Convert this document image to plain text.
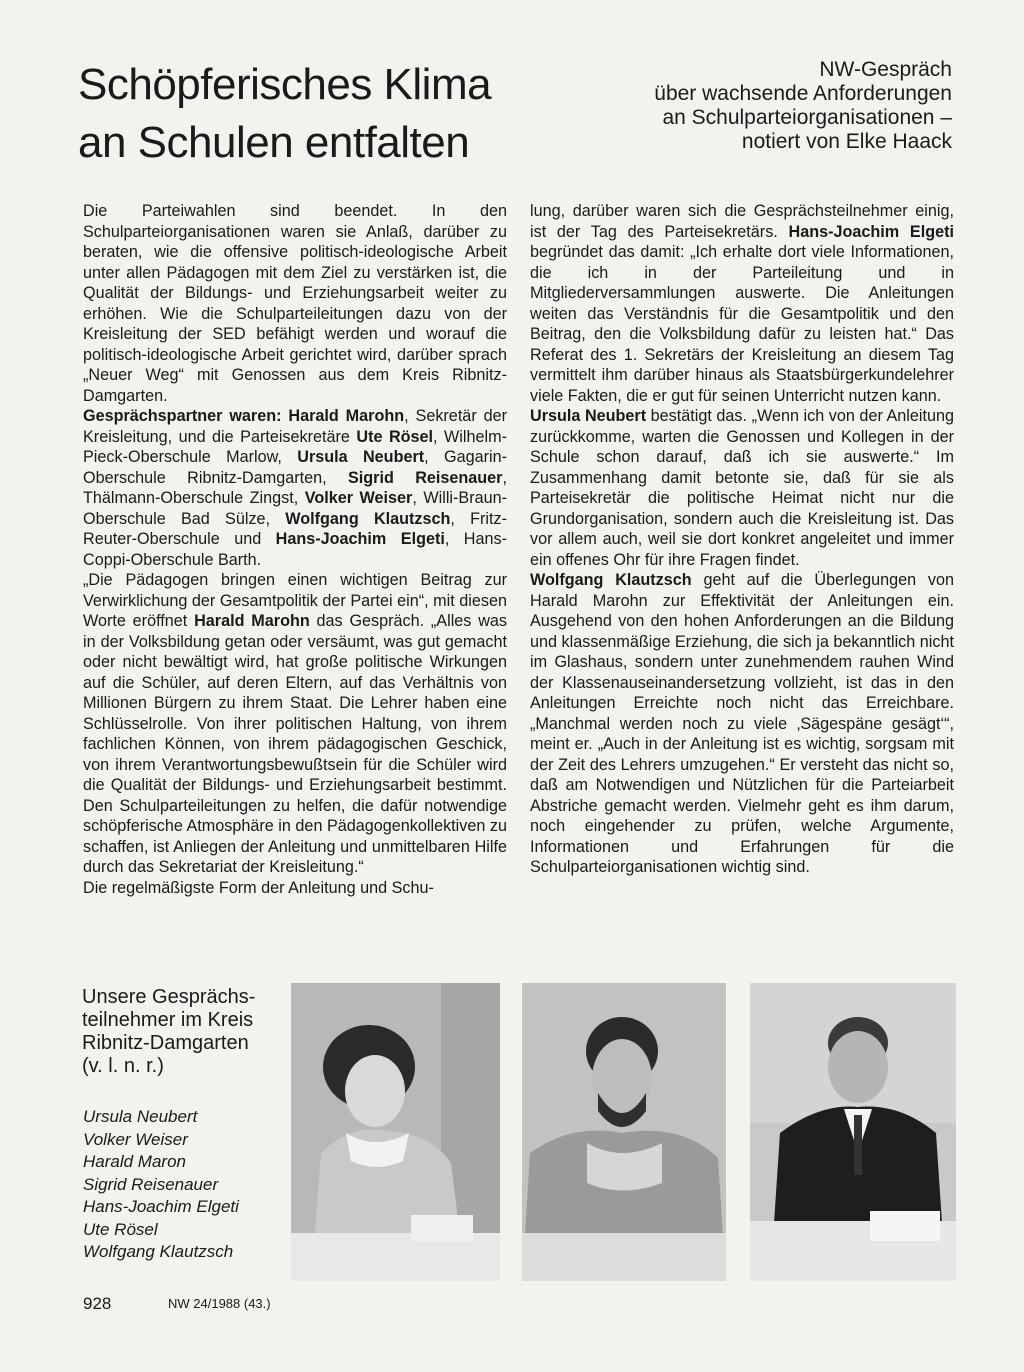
Schöpferisches Klima
an Schulen entfalten
NW-Gespräch
über wachsende Anforderungen
an Schulparteiorganisationen –
notiert von Elke Haack

Die Parteiwahlen sind beendet. In den Schulparteiorganisationen waren sie Anlaß, darüber zu beraten, wie die offensive politisch-ideologische Arbeit unter allen Pädagogen mit dem Ziel zu verstärken ist, die Qualität der Bildungs- und Erziehungsarbeit weiter zu erhöhen. Wie die Schulparteileitungen dazu von der Kreisleitung der SED befähigt werden und worauf die politisch-ideologische Arbeit gerichtet wird, darüber sprach „Neuer Weg“ mit Genossen aus dem Kreis Ribnitz-Damgarten.

Gesprächspartner waren: Harald Marohn, Sekretär der Kreisleitung, und die Parteisekretäre Ute Rösel, Wilhelm-Pieck-Oberschule Marlow, Ursula Neubert, Gagarin-Oberschule Ribnitz-Damgarten, Sigrid Reisenauer, Thälmann-Oberschule Zingst, Volker Weiser, Willi-Braun-Oberschule Bad Sülze, Wolfgang Klautzsch, Fritz-Reuter-Oberschule und Hans-Joachim Elgeti, Hans-Coppi-Oberschule Barth.

„Die Pädagogen bringen einen wichtigen Beitrag zur Verwirklichung der Gesamtpolitik der Partei ein“, mit diesen Worte eröffnet Harald Marohn das Gespräch. „Alles was in der Volksbildung getan oder versäumt, was gut gemacht oder nicht bewältigt wird, hat große politische Wirkungen auf die Schüler, auf deren Eltern, auf das Verhältnis von Millionen Bürgern zu ihrem Staat. Die Lehrer haben eine Schlüsselrolle. Von ihrer politischen Haltung, von ihrem fachlichen Können, von ihrem pädagogischen Geschick, von ihrem Verantwortungsbewußtsein für die Schüler wird die Qualität der Bildungs- und Erziehungsarbeit bestimmt. Den Schulparteileitungen zu helfen, die dafür notwendige schöpferische Atmosphäre in den Pädagogenkollektiven zu schaffen, ist Anliegen der Anleitung und unmittelbaren Hilfe durch das Sekretariat der Kreisleitung.“

Die regelmäßigste Form der Anleitung und Schu-

lung, darüber waren sich die Gesprächsteilnehmer einig, ist der Tag des Parteisekretärs. Hans-Joachim Elgeti begründet das damit: „Ich erhalte dort viele Informationen, die ich in der Parteileitung und in Mitgliederversammlungen auswerte. Die Anleitungen weiten das Verständnis für die Gesamtpolitik und den Beitrag, den die Volksbildung dafür zu leisten hat.“ Das Referat des 1. Sekretärs der Kreisleitung an diesem Tag vermittelt ihm darüber hinaus als Staatsbürgerkundelehrer viele Fakten, die er gut für seinen Unterricht nutzen kann.

Ursula Neubert bestätigt das. „Wenn ich von der Anleitung zurückkomme, warten die Genossen und Kollegen in der Schule schon darauf, daß ich sie auswerte.“ Im Zusammenhang damit betonte sie, daß für sie als Parteisekretär die politische Heimat nicht nur die Grundorganisation, sondern auch die Kreisleitung ist. Das vor allem auch, weil sie dort konkret angeleitet und immer ein offenes Ohr für ihre Fragen findet.

Wolfgang Klautzsch geht auf die Überlegungen von Harald Marohn zur Effektivität der Anleitungen ein. Ausgehend von den hohen Anforderungen an die Bildung und klassenmäßige Erziehung, die sich ja bekanntlich nicht im Glashaus, sondern unter zunehmendem rauhen Wind der Klassenauseinandersetzung vollzieht, ist das in den Anleitungen Erreichte noch nicht das Erreichbare. „Manchmal werden noch zu viele ‚Sägespäne gesägt‘“, meint er. „Auch in der Anleitung ist es wichtig, sorgsam mit der Zeit des Lehrers umzugehen.“ Er versteht das nicht so, daß am Notwendigen und Nützlichen für die Parteiarbeit Abstriche gemacht werden. Vielmehr geht es ihm darum, noch eingehender zu prüfen, welche Argumente, Informationen und Erfahrungen für die Schulparteiorganisationen wichtig sind.

Unsere Gesprächs-
teilnehmer im Kreis
Ribnitz-Damgarten
(v. l. n. r.)
Ursula Neubert
Volker Weiser
Harald Maron
Sigrid Reisenauer
Hans-Joachim Elgeti
Ute Rösel
Wolfgang Klautzsch
928	NW 24/1988 (43.)
